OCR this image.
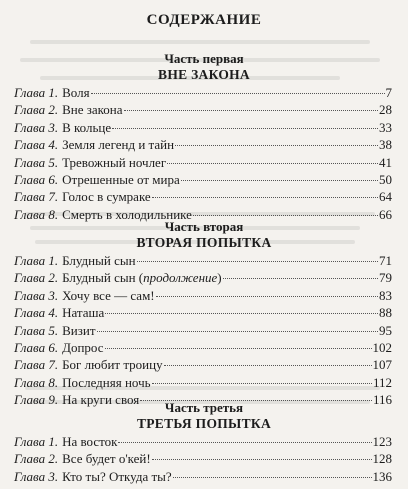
СОДЕРЖАНИЕ
Часть первая
ВНЕ ЗАКОНА
Глава 1. Воля	7
Глава 2. Вне закона	28
Глава 3. В кольце	33
Глава 4. Земля легенд и тайн	38
Глава 5. Тревожный ночлег	41
Глава 6. Отрешенные от мира	50
Глава 7. Голос в сумраке	64
Глава 8. Смерть в холодильнике	66
Часть вторая
ВТОРАЯ ПОПЫТКА
Глава 1. Блудный сын	71
Глава 2. Блудный сын (продолжение)	79
Глава 3. Хочу все — сам!	83
Глава 4. Наташа	88
Глава 5. Визит	95
Глава 6. Допрос	102
Глава 7. Бог любит троицу	107
Глава 8. Последняя ночь	112
Глава 9. На круги своя	116
Часть третья
ТРЕТЬЯ ПОПЫТКА
Глава 1. На восток	123
Глава 2. Все будет о'кей!	128
Глава 3. Кто ты? Откуда ты?	136
